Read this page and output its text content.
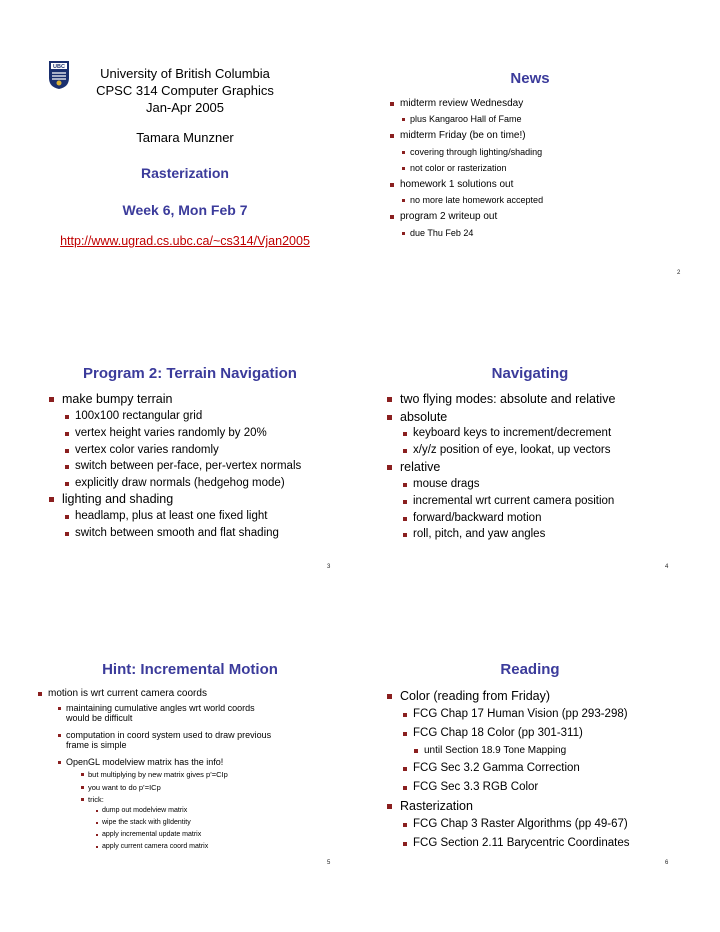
UBC	University of British Columbia
CPSC 314 Computer Graphics
Jan-Apr 2005
Tamara Munzner
Rasterization
Week 6, Mon Feb 7
http://www.ugrad.cs.ubc.ca/~cs314/Vjan2005
News
midterm review Wednesday
plus Kangaroo Hall of Fame
midterm Friday (be on time!)
covering through lighting/shading
not color or rasterization
homework 1 solutions out
no more late homework accepted
program 2 writeup out
due Thu Feb 24
2
Program 2: Terrain Navigation
make bumpy terrain
100x100 rectangular grid
vertex height varies randomly by 20%
vertex color varies randomly
switch between per-face, per-vertex normals
explicitly draw normals (hedgehog mode)
lighting and shading
headlamp, plus at least one fixed light
switch between smooth and flat shading
3
Navigating
two flying modes: absolute and relative
absolute
keyboard keys to increment/decrement
x/y/z position of eye, lookat, up vectors
relative
mouse drags
incremental wrt current camera position
forward/backward motion
roll, pitch, and yaw angles
4
Hint: Incremental Motion
motion is wrt current camera coords
maintaining cumulative angles wrt world coords
would be difficult
computation in coord system used to draw previous
frame is simple
OpenGL modelview matrix has the info!
but multiplying by new matrix gives p’=CIp
you want to do p’=ICp
trick:
dump out modelview matrix
wipe the stack with glIdentity
apply incremental update matrix
apply current camera coord matrix
5
Reading
Color (reading from Friday)
FCG Chap 17 Human Vision (pp 293-298)
FCG Chap 18 Color (pp 301-311)
until Section 18.9 Tone Mapping
FCG Sec 3.2 Gamma Correction
FCG Sec 3.3 RGB Color
Rasterization
FCG Chap 3 Raster Algorithms (pp 49-67)
FCG Section 2.11 Barycentric Coordinates
6
